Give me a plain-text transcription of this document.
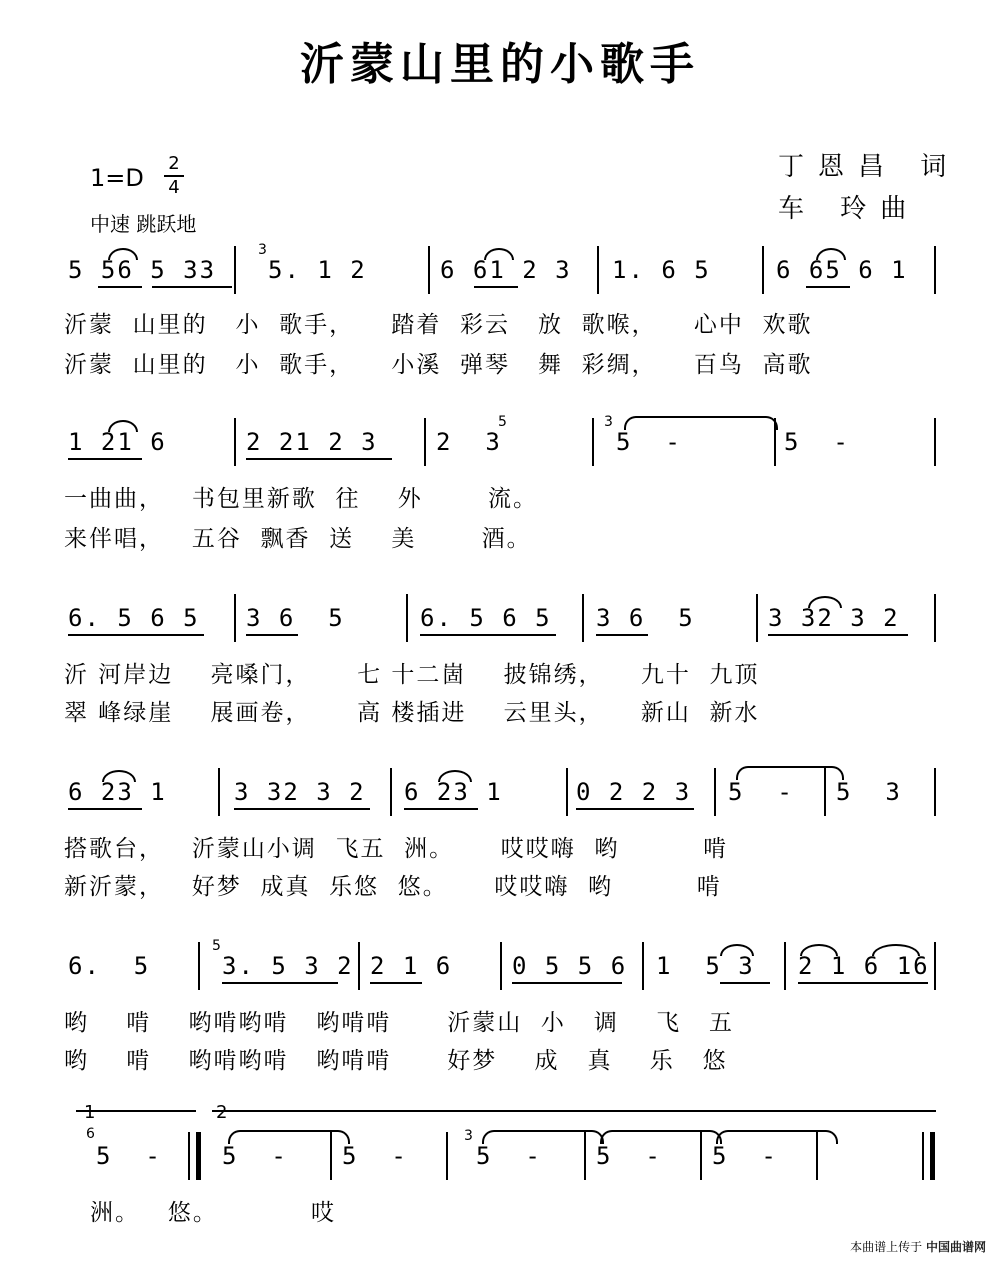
沂蒙山里的小歌手
丁恩昌 词
车 玲曲
1=D
2
4
中速 跳跃地
5 56 5 33 5. 1 2	6 61 2 3 1. 6 5	6 65 6 1
3
沂蒙  山里的   小  歌手，    踏着  彩云   放  歌喉，    心中  欢歌
沂蒙  山里的   小  歌手，    小溪  弹琴   舞  彩绸，    百鸟  高歌
1 21 6	2 21 2 3 2  3	5  -	5  -
5	3
一曲曲，   书包里新歌  往    外       流。
来伴唱，   五谷  飘香  送    美       酒。
6. 5 6 5 3 6  5	6. 5 6 5 3 6  5	3 32 3 2
沂 河岸边    亮嗓门，     七 十二崮    披锦绣，    九十  九顶
翠 峰绿崖    展画卷，     高 楼插进    云里头，    新山  新水
6 23 1	3 32 3 2 6 23 1	0 2 2 3 5  - 5  3
搭歌台，   沂蒙山小调  飞五  洲。     哎哎嗨  哟         啃
新沂蒙，   好梦  成真  乐悠  悠。     哎哎嗨  哟         啃
6.  5	3. 5 3 2 2 1 6 0 5 5 6 1  5 3 2 1 6 16
5
哟    啃    哟啃哟啃   哟啃啃      沂蒙山  小   调    飞   五
哟    啃    哟啃哟啃   哟啃啃      好梦    成   真    乐   悠
1	2
5  -	5  - 5  -	5  - 5  - 5  -
6	3
洲。   悠。          哎
本曲谱上传于 中国曲谱网
